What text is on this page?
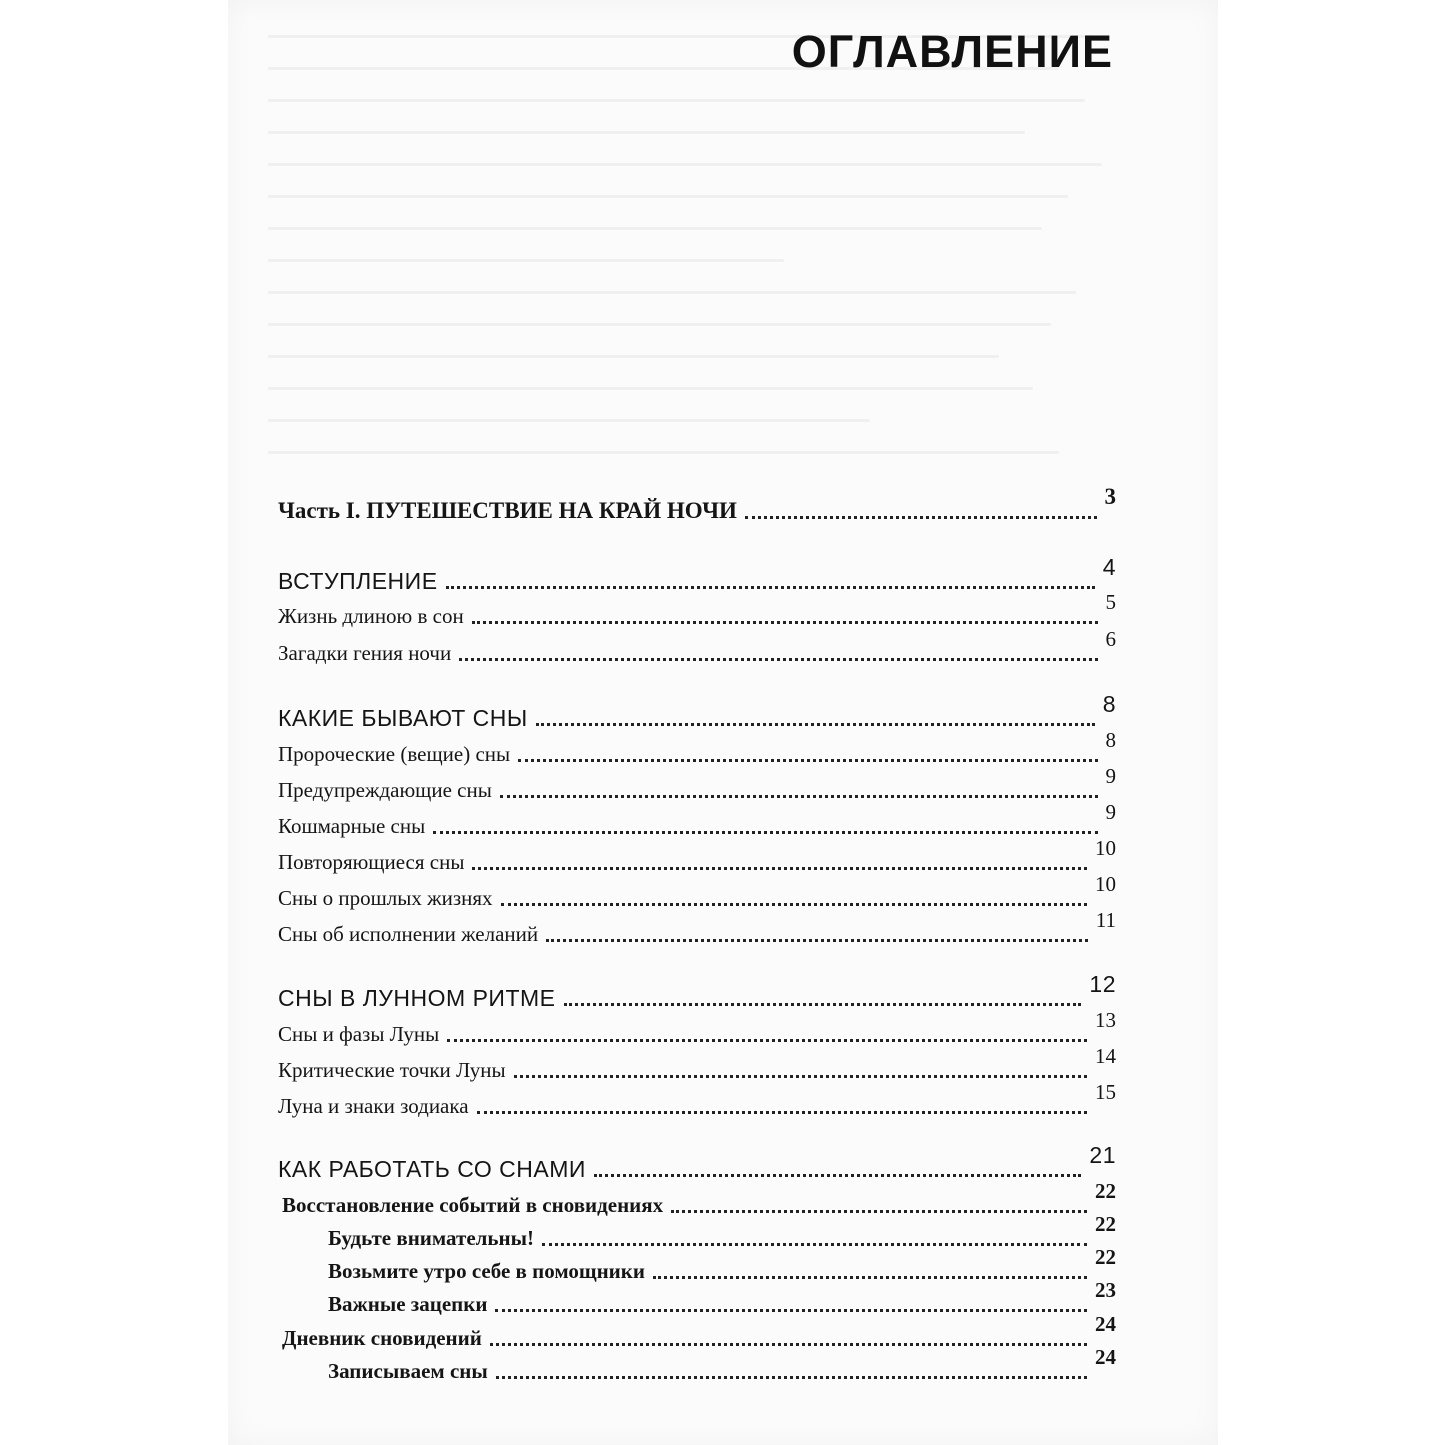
ОГЛАВЛЕНИЕ
Часть I. ПУТЕШЕСТВИЕ НА КРАЙ НОЧИ
3
ВСТУПЛЕНИЕ
4
Жизнь длиною в сон
5
Загадки гения ночи
6
КАКИЕ БЫВАЮТ СНЫ
8
Пророческие (вещие) сны
8
Предупреждающие сны
9
Кошмарные сны
9
Повторяющиеся сны
10
Сны о прошлых жизнях
10
Сны об исполнении желаний
11
СНЫ В ЛУННОМ РИТМЕ
12
Сны и фазы Луны
13
Критические точки Луны
14
Луна и знаки зодиака
15
КАК РАБОТАТЬ СО СНАМИ
21
Восстановление событий в сновидениях
22
Будьте внимательны!
22
Возьмите утро себе в помощники
22
Важные зацепки
23
Дневник сновидений
24
Записываем сны
24
